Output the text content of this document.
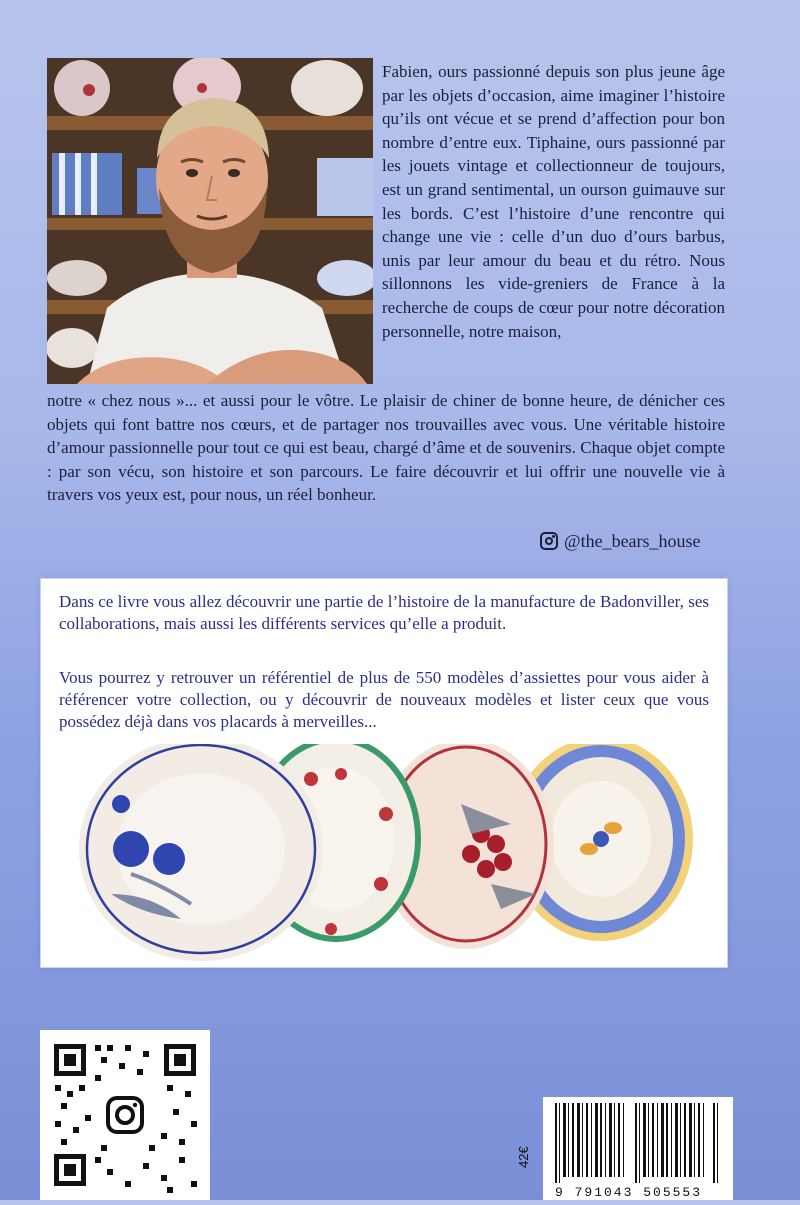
Fabien, ours passionné depuis son plus jeune âge par les objets d’occasion, aime imaginer l’histoire qu’ils ont vécue et se prend d’affection pour bon nombre d’entre eux. Tiphaine, ours passionné par les jouets vintage et collectionneur de toujours, est un grand sentimental, un ourson guimauve sur les bords. C’est l’histoire d’une rencontre qui change une vie : celle d’un duo d’ours barbus, unis par leur amour du beau et du rétro. Nous sillonnons les vide-greniers de France à la recherche de coups de cœur pour notre décoration personnelle, notre maison,

notre « chez nous »... et aussi pour le vôtre. Le plaisir de chiner de bonne heure, de dénicher ces objets qui font battre nos cœurs, et de partager nos trouvailles avec vous. Une véritable histoire d’amour passionnelle pour tout ce qui est beau, chargé d’âme et de souvenirs. Chaque objet compte : par son vécu, son histoire et son parcours. Le faire découvrir et lui offrir une nouvelle vie à travers vos yeux est, pour nous, un réel bonheur.

@the_bears_house

Dans ce livre vous allez découvrir une partie de l’histoire de la manufacture de Badonviller, ses collaborations, mais aussi les différents services qu’elle a produit.

Vous pourrez y retrouver un référentiel de plus de 550 modèles d’assiettes pour vous aider à référencer votre collection, ou y découvrir de nouveaux modèles et lister ceux que vous possédez déjà dans vos placards à merveilles...

42€
9 791043 505553
